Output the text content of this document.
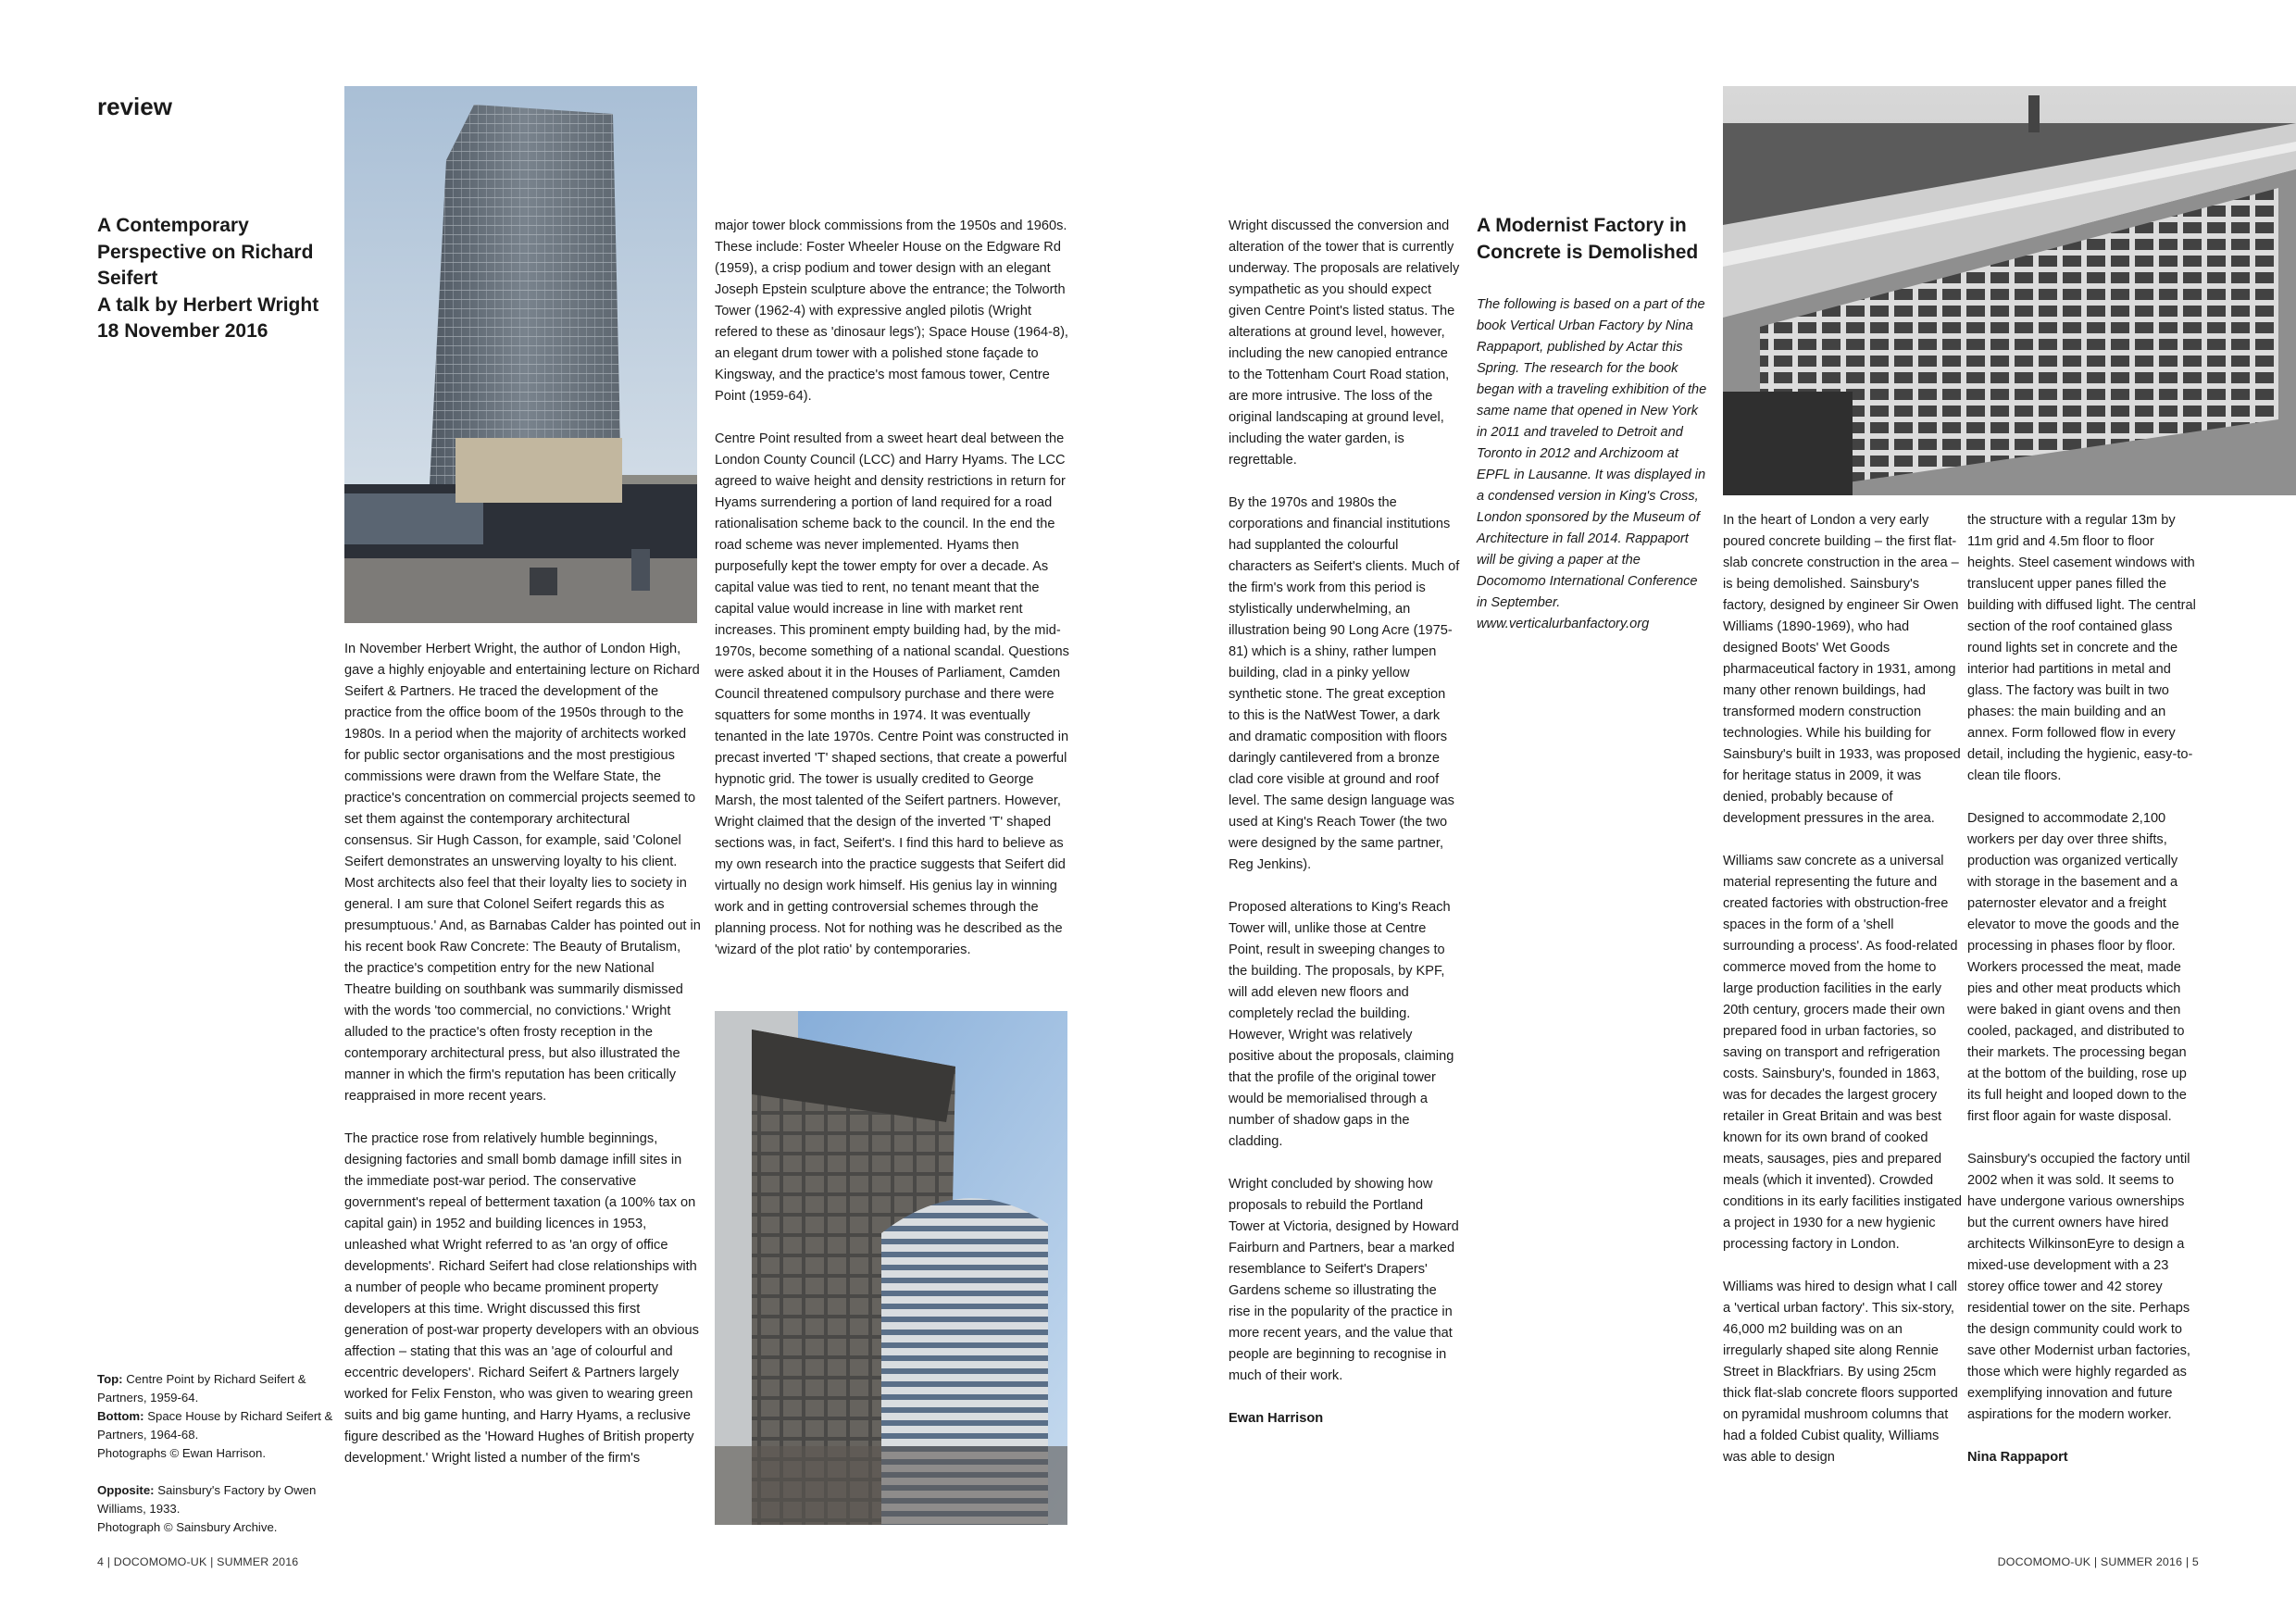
review
A Contemporary
Perspective on Richard
Seifert
A talk by Herbert Wright
18 November 2016

In November Herbert Wright, the author of London High, gave a highly enjoyable and entertaining lecture on Richard Seifert & Partners. He traced the development of the practice from the office boom of the 1950s through to the 1980s. In a period when the majority of architects worked for public sector organisations and the most prestigious commissions were drawn from the Welfare State, the practice's concentration on commercial projects seemed to set them against the contemporary architectural consensus. Sir Hugh Casson, for example, said 'Colonel Seifert demonstrates an unswerving loyalty to his client. Most architects also feel that their loyalty lies to society in general. I am sure that Colonel Seifert regards this as presumptuous.' And, as Barnabas Calder has pointed out in his recent book Raw Concrete: The Beauty of Brutalism, the practice's competition entry for the new National Theatre building on southbank was summarily dismissed with the words 'too commercial, no convictions.' Wright alluded to the practice's often frosty reception in the contemporary architectural press, but also illustrated the manner in which the firm's reputation has been critically reappraised in more recent years.

The practice rose from relatively humble beginnings, designing factories and small bomb damage infill sites in the immediate post-war period. The conservative government's repeal of betterment taxation (a 100% tax on capital gain) in 1952 and building licences in 1953, unleashed what Wright referred to as 'an orgy of office developments'. Richard Seifert had close relationships with a number of people who became prominent property developers at this time. Wright discussed this first generation of post-war property developers with an obvious affection – stating that this was an 'age of colourful and eccentric developers'. Richard Seifert & Partners largely worked for Felix Fenston, who was given to wearing green suits and big game hunting, and Harry Hyams, a reclusive figure described as the 'Howard Hughes of British property development.' Wright listed a number of the firm's

major tower block commissions from the 1950s and 1960s. These include: Foster Wheeler House on the Edgware Rd (1959), a crisp podium and tower design with an elegant Joseph Epstein sculpture above the entrance; the Tolworth Tower (1962-4) with expressive angled pilotis (Wright refered to these as 'dinosaur legs'); Space House (1964-8), an elegant drum tower with a polished stone façade to Kingsway, and the practice's most famous tower, Centre Point (1959-64).

Centre Point resulted from a sweet heart deal between the London County Council (LCC) and Harry Hyams. The LCC agreed to waive height and density restrictions in return for Hyams surrendering a portion of land required for a road rationalisation scheme back to the council. In the end the road scheme was never implemented. Hyams then purposefully kept the tower empty for over a decade. As capital value was tied to rent, no tenant meant that the capital value would increase in line with market rent increases. This prominent empty building had, by the mid-1970s, become something of a national scandal. Questions were asked about it in the Houses of Parliament, Camden Council threatened compulsory purchase and there were squatters for some months in 1974. It was eventually tenanted in the late 1970s. Centre Point was constructed in precast inverted 'T' shaped sections, that create a powerful hypnotic grid. The tower is usually credited to George Marsh, the most talented of the Seifert partners. However, Wright claimed that the design of the inverted 'T' shaped sections was, in fact, Seifert's. I find this hard to believe as my own research into the practice suggests that Seifert did virtually no design work himself. His genius lay in winning work and in getting controversial schemes through the planning process. Not for nothing was he described as the 'wizard of the plot ratio' by contemporaries.

Wright discussed the conversion and alteration of the tower that is currently underway. The proposals are relatively sympathetic as you should expect given Centre Point's listed status. The alterations at ground level, however, including the new canopied entrance to the Tottenham Court Road station, are more intrusive. The loss of the original landscaping at ground level, including the water garden, is regrettable.

By the 1970s and 1980s the corporations and financial institutions had supplanted the colourful characters as Seifert's clients. Much of the firm's work from this period is stylistically underwhelming, an illustration being 90 Long Acre (1975-81) which is a shiny, rather lumpen building, clad in a pinky yellow synthetic stone. The great exception to this is the NatWest Tower, a dark and dramatic composition with floors daringly cantilevered from a bronze clad core visible at ground and roof level. The same design language was used at King's Reach Tower (the two were designed by the same partner, Reg Jenkins).

Proposed alterations to King's Reach Tower will, unlike those at Centre Point, result in sweeping changes to the building. The proposals, by KPF, will add eleven new floors and completely reclad the building. However, Wright was relatively positive about the proposals, claiming that the profile of the original tower would be memorialised through a number of shadow gaps in the cladding.

Wright concluded by showing how proposals to rebuild the Portland Tower at Victoria, designed by Howard Fairburn and Partners, bear a marked resemblance to Seifert's Drapers' Gardens scheme so illustrating the rise in the popularity of the practice in more recent years, and the value that people are beginning to recognise in much of their work.

Ewan Harrison

Top: Centre Point by Richard Seifert & Partners, 1959-64.
Bottom: Space House by Richard Seifert & Partners, 1964-68.
Photographs © Ewan Harrison.

Opposite: Sainsbury's Factory by Owen Williams, 1933.
Photograph © Sainsbury Archive.

A Modernist Factory in
Concrete is Demolished

The following is based on a part of the book Vertical Urban Factory by Nina Rappaport, published by Actar this Spring. The research for the book began with a traveling exhibition of the same name that opened in New York in 2011 and traveled to Detroit and Toronto in 2012 and Archizoom at EPFL in Lausanne. It was displayed in a condensed version in King's Cross, London sponsored by the Museum of Architecture in fall 2014. Rappaport will be giving a paper at the Docomomo International Conference in September. www.verticalurbanfactory.org

In the heart of London a very early poured concrete building – the first flat-slab concrete construction in the area – is being demolished. Sainsbury's factory, designed by engineer Sir Owen Williams (1890-1969), who had designed Boots' Wet Goods pharmaceutical factory in 1931, among many other renown buildings, had transformed modern construction technologies. While his building for Sainsbury's built in 1933, was proposed for heritage status in 2009, it was denied, probably because of development pressures in the area.

Williams saw concrete as a universal material representing the future and created factories with obstruction-free spaces in the form of a 'shell surrounding a process'. As food-related commerce moved from the home to large production facilities in the early 20th century, grocers made their own prepared food in urban factories, so saving on transport and refrigeration costs. Sainsbury's, founded in 1863, was for decades the largest grocery retailer in Great Britain and was best known for its own brand of cooked meats, sausages, pies and prepared meals (which it invented). Crowded conditions in its early facilities instigated a project in 1930 for a new hygienic processing factory in London.

Williams was hired to design what I call a 'vertical urban factory'. This six-story, 46,000 m2 building was on an irregularly shaped site along Rennie Street in Blackfriars. By using 25cm thick flat-slab concrete floors supported on pyramidal mushroom columns that had a folded Cubist quality, Williams was able to design

the structure with a regular 13m by 11m grid and 4.5m floor to floor heights. Steel casement windows with translucent upper panes filled the building with diffused light. The central section of the roof contained glass round lights set in concrete and the interior had partitions in metal and glass. The factory was built in two phases: the main building and an annex. Form followed flow in every detail, including the hygienic, easy-to-clean tile floors.

Designed to accommodate 2,100 workers per day over three shifts, production was organized vertically with storage in the basement and a paternoster elevator and a freight elevator to move the goods and the processing in phases floor by floor. Workers processed the meat, made pies and other meat products which were baked in giant ovens and then cooled, packaged, and distributed to their markets. The processing began at the bottom of the building, rose up its full height and looped down to the first floor again for waste disposal.

Sainsbury's occupied the factory until 2002 when it was sold. It seems to have undergone various ownerships but the current owners have hired architects WilkinsonEyre to design a mixed-use development with a 23 storey office tower and 42 storey residential tower on the site. Perhaps the design community could work to save other Modernist urban factories, those which were highly regarded as exemplifying innovation and future aspirations for the modern worker.

Nina Rappaport

4 | DOCOMOMO-UK | SUMMER 2016	DOCOMOMO-UK | SUMMER 2016 | 5
